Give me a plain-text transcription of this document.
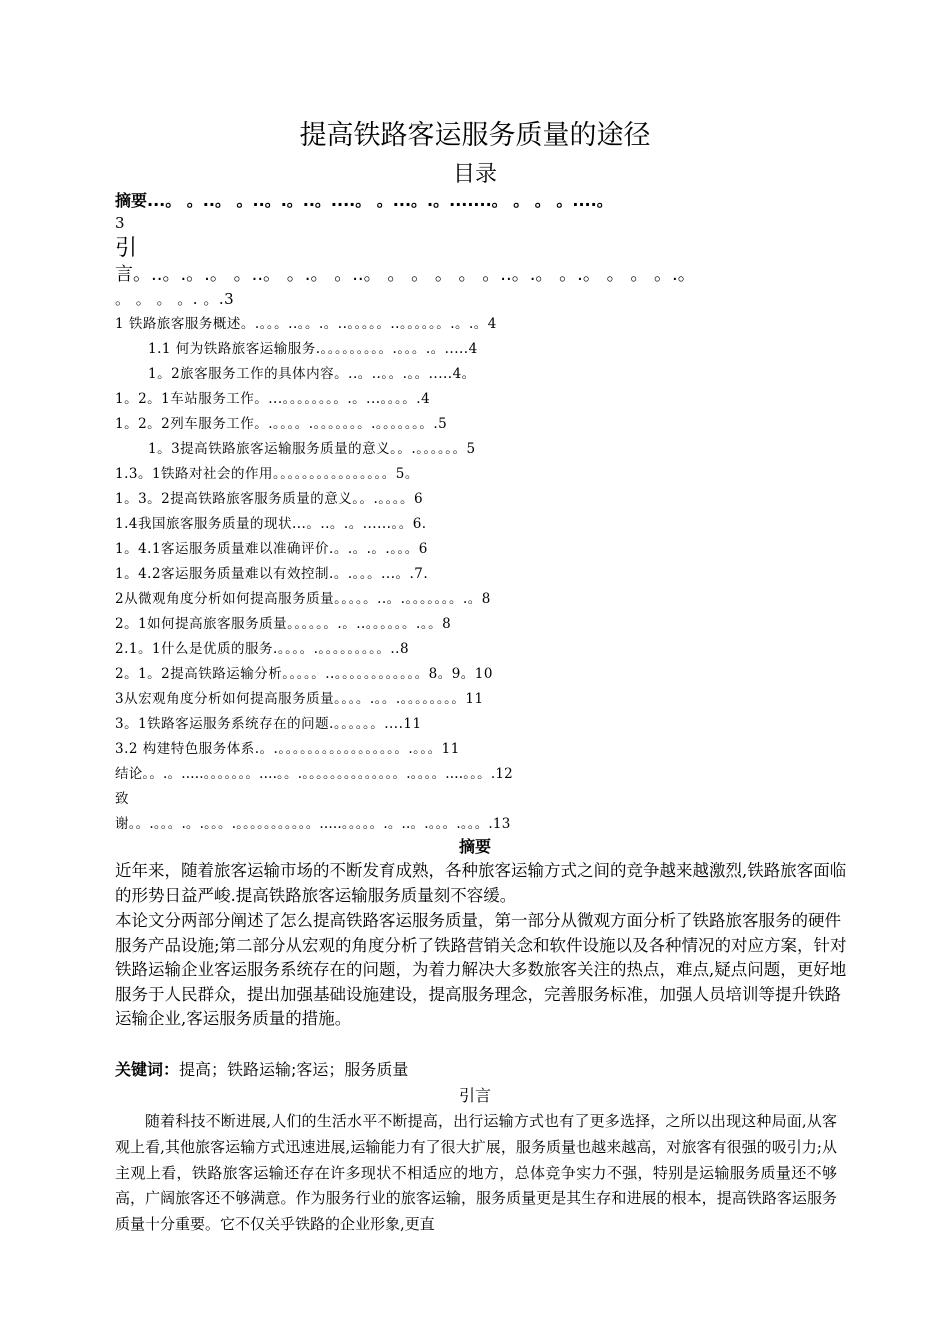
提高铁路客运服务质量的途径
目录
摘要...。 。..。 。..。.。..。....。 。...。.。.......。 。 。 。....。
3
引
言。..。.。.。 。..。 。.。 。..。 。 。 。 。 。..。.。 。.。 。 。 。.。
。 。 。 。. 。.3
1 铁路旅客服务概述。.。。。..。。.。..。。。。。..。。。。。。.。.。4
1.1 何为铁路旅客运输服务.。。。。。。。。。.。。。.。.....4
1。2旅客服务工作的具体内容。..。..。。.。。.....4。
1。2。1车站服务工作。...。。。。。。。。.。...。。。。.4
1。2。2列车服务工作。.。。。。.。。。。。。。.。。。。。。。.5
1。3提高铁路旅客运输服务质量的意义。。.。。。。。。5
1.3。1铁路对社会的作用。。。。。。。。。。。。。。。。5。
1。3。2提高铁路旅客服务质量的意义。。.。。。。6
1.4我国旅客服务质量的现状...。..。.。......。。6.
1。4.1客运服务质量难以准确评价.。.。.。.。。。6
1。4.2客运服务质量难以有效控制.。.。。。...。.7.
2从微观角度分析如何提高服务质量。。。。。..。.。。。。。。。.。8
2。1如何提高旅客服务质量。。。。。。.。..。。。。。。.。。8
2.1。1什么是优质的服务.。。。。.。。。。。。。。。..8
2。1。2提高铁路运输分析。。。。。..。。。。。。。。。。。。8。9。10
3从宏观角度分析如何提高服务质量。。。。.。。.。。。。。。。。11
3。1铁路客运服务系统存在的问题.。。。。。。....11
3.2 构建特色服务体系.。.。。。。。。。。。。。。。。。。。.。。。11
结论。。.。.....。。。。。。。....。。.。。。。。。。。。。。。。。.。。。。....。。。.12
致
谢。。.。。。.。.。。。.。。。。。。。。。。。.....。。。。。.。..。.。。。.。。。.13
摘要

近年来，随着旅客运输市场的不断发育成熟，各种旅客运输方式之间的竞争越来越激烈,铁路旅客面临的形势日益严峻.提高铁路旅客运输服务质量刻不容缓。

本论文分两部分阐述了怎么提高铁路客运服务质量，第一部分从微观方面分析了铁路旅客服务的硬件服务产品设施;第二部分从宏观的角度分析了铁路营销关念和软件设施以及各种情况的对应方案，针对铁路运输企业客运服务系统存在的问题，为着力解决大多数旅客关注的热点，难点,疑点问题，更好地服务于人民群众，提出加强基础设施建设，提高服务理念，完善服务标准，加强人员培训等提升铁路运输企业,客运服务质量的措施。

关键词：提高；铁路运输;客运；服务质量
引言

随着科技不断进展,人们的生活水平不断提高，出行运输方式也有了更多选择，之所以出现这种局面,从客观上看,其他旅客运输方式迅速进展,运输能力有了很大扩展，服务质量也越来越高，对旅客有很强的吸引力;从主观上看，铁路旅客运输还存在许多现状不相适应的地方，总体竞争实力不强，特别是运输服务质量还不够高，广阔旅客还不够满意。作为服务行业的旅客运输，服务质量更是其生存和进展的根本，提高铁路客运服务质量十分重要。它不仅关乎铁路的企业形象,更直
